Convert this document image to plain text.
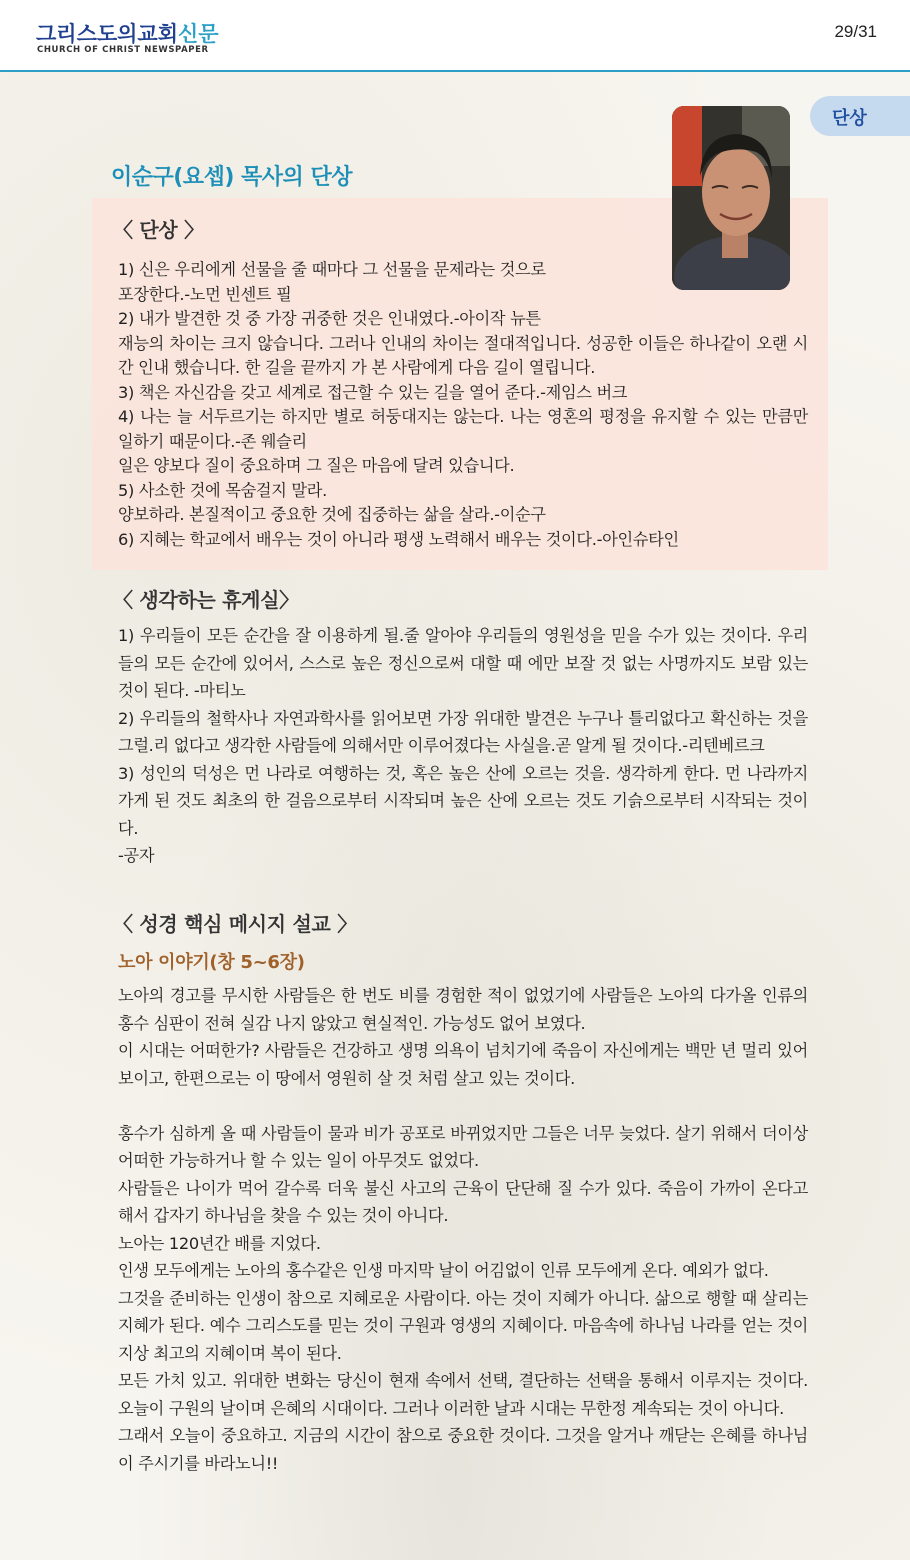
그리스도의교회신문
CHURCH OF CHRIST NEWSPAPER
29/31
단상
이순구(요셉) 목사의 단상
〈 단상 〉

1) 신은 우리에게 선물을 줄 때마다 그 선물을 문제라는 것으로

포장한다.-노먼 빈센트 필

2) 내가 발견한 것 중 가장 귀중한 것은 인내였다.-아이작 뉴튼

재능의 차이는 크지 않습니다. 그러나 인내의 차이는 절대적입니다. 성공한 이들은 하나같이 오랜 시간 인내 했습니다. 한 길을 끝까지 가 본 사람에게 다음 길이 열립니다.

3) 책은 자신감을 갖고 세계로 접근할 수 있는 길을 열어 준다.-제임스 버크

4) 나는 늘 서두르기는 하지만 별로 허둥대지는 않는다. 나는 영혼의 평정을 유지할 수 있는 만큼만 일하기 때문이다.-존 웨슬리

일은 양보다 질이 중요하며 그 질은 마음에 달려 있습니다.

5) 사소한 것에 목숨걸지 말라.

양보하라. 본질적이고 중요한 것에 집중하는 삶을 살라.-이순구

6) 지혜는 학교에서 배우는 것이 아니라 평생 노력해서 배우는 것이다.-아인슈타인

〈 생각하는 휴게실〉

1) 우리들이 모든 순간을 잘 이용하게 될.줄 알아야 우리들의 영원성을 믿을 수가 있는 것이다. 우리들의 모든 순간에 있어서, 스스로 높은 정신으로써 대할 때 에만 보잘 것 없는 사명까지도 보람 있는 것이 된다. -마티노

2) 우리들의 철학사나 자연과학사를 읽어보면 가장 위대한 발견은 누구나 틀리없다고 확신하는 것을 그럴.리 없다고 생각한 사람들에 의해서만 이루어졌다는 사실을.곧 알게 될 것이다.-리텐베르크

3) 성인의 덕성은 먼 나라로 여행하는 것, 혹은 높은 산에 오르는 것을. 생각하게 한다. 먼 나라까지 가게 된 것도 최초의 한 걸음으로부터 시작되며 높은 산에 오르는 것도 기슭으로부터 시작되는 것이다.

-공자

〈 성경 핵심 메시지 설교 〉
노아 이야기(창 5~6장)

노아의 경고를 무시한 사람들은 한 번도 비를 경험한 적이 없었기에 사람들은 노아의 다가올 인류의 홍수 심판이 전혀 실감 나지 않았고 현실적인. 가능성도 없어 보였다.

이 시대는 어떠한가? 사람들은 건강하고 생명 의욕이 넘치기에 죽음이 자신에게는 백만 년 멀리 있어 보이고, 한편으로는 이 땅에서 영원히 살 것 처럼 살고 있는 것이다.

홍수가 심하게 올 때 사람들이 물과 비가 공포로 바뀌었지만 그들은 너무 늦었다. 살기 위해서 더이상 어떠한 가능하거나 할 수 있는 일이 아무것도 없었다.

사람들은 나이가 먹어 갈수록 더욱 불신 사고의 근육이 단단해 질 수가 있다. 죽음이 가까이 온다고 해서 갑자기 하나님을 찾을 수 있는 것이 아니다.

노아는 120년간 배를 지었다.

인생 모두에게는 노아의 홍수같은 인생 마지막 날이 어김없이 인류 모두에게 온다. 예외가 없다.

그것을 준비하는 인생이 참으로 지혜로운 사람이다. 아는 것이 지혜가 아니다. 삶으로 행할 때 살리는 지혜가 된다. 예수 그리스도를 믿는 것이 구원과 영생의 지혜이다. 마음속에 하나님 나라를 얻는 것이 지상 최고의 지혜이며 복이 된다.

모든 가치 있고. 위대한 변화는 당신이 현재 속에서 선택, 결단하는 선택을 통해서 이루지는 것이다. 오늘이 구원의 날이며 은혜의 시대이다. 그러나 이러한 날과 시대는 무한정 계속되는 것이 아니다.

그래서 오늘이 중요하고. 지금의 시간이 참으로 중요한 것이다. 그것을 알거나 깨닫는 은혜를 하나님이 주시기를 바라노니!!
